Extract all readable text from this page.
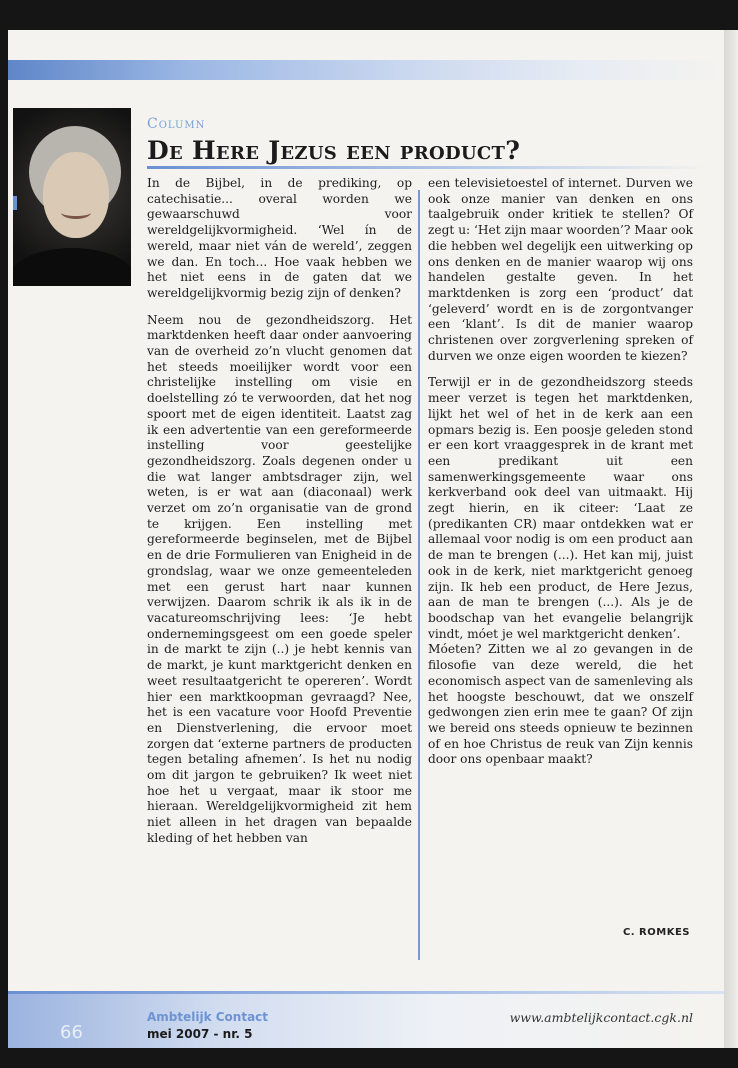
Column
De Here Jezus een product?

In de Bijbel, in de prediking, op catechisatie... overal worden we gewaarschuwd voor wereldgelijkvormigheid. ‘Wel ín de wereld, maar niet ván de wereld’, zeggen we dan. En toch... Hoe vaak hebben we het niet eens in de gaten dat we wereldgelijkvormig bezig zijn of denken?

Neem nou de gezondheidszorg. Het marktdenken heeft daar onder aanvoering van de overheid zo’n vlucht genomen dat het steeds moeilijker wordt voor een christelijke instelling om visie en doelstelling zó te verwoorden, dat het nog spoort met de eigen identiteit. Laatst zag ik een advertentie van een gereformeerde instelling voor geestelijke gezondheidszorg. Zoals degenen onder u die wat langer ambtsdrager zijn, wel weten, is er wat aan (diaconaal) werk verzet om zo’n organisatie van de grond te krijgen. Een instelling met gereformeerde beginselen, met de Bijbel en de drie Formulieren van Enigheid in de grondslag, waar we onze gemeenteleden met een gerust hart naar kunnen verwijzen. Daarom schrik ik als ik in de vacatureomschrijving lees: ‘Je hebt ondernemingsgeest om een goede speler in de markt te zijn (..) je hebt kennis van de markt, je kunt marktgericht denken en weet resultaatgericht te opereren’. Wordt hier een marktkoopman gevraagd? Nee, het is een vacature voor Hoofd Preventie en Dienstverlening, die ervoor moet zorgen dat ‘externe partners de producten tegen betaling afnemen’. Is het nu nodig om dit jargon te gebruiken? Ik weet niet hoe het u vergaat, maar ik stoor me hieraan. Wereldgelijkvormigheid zit hem niet alleen in het dragen van bepaalde kleding of het hebben van

een televisietoestel of internet. Durven we ook onze manier van denken en ons taalgebruik onder kritiek te stellen? Of zegt u: ‘Het zijn maar woorden’? Maar ook die hebben wel degelijk een uitwerking op ons denken en de manier waarop wij ons handelen gestalte geven. In het marktdenken is zorg een ‘product’ dat ‘geleverd’ wordt en is de zorgontvanger een ‘klant’. Is dit de manier waarop christenen over zorgverlening spreken of durven we onze eigen woorden te kiezen?

Terwijl er in de gezondheidszorg steeds meer verzet is tegen het marktdenken, lijkt het wel of het in de kerk aan een opmars bezig is. Een poosje geleden stond er een kort vraaggesprek in de krant met een predikant uit een samenwerkingsgemeente waar ons kerkverband ook deel van uitmaakt. Hij zegt hierin, en ik citeer: ‘Laat ze (predikanten CR) maar ontdekken wat er allemaal voor nodig is om een product aan de man te brengen (...). Het kan mij, juist ook in de kerk, niet marktgericht genoeg zijn. Ik heb een product, de Here Jezus, aan de man te brengen (...). Als je de boodschap van het evangelie belangrijk vindt, móet je wel marktgericht denken’.

Móeten? Zitten we al zo gevangen in de filosofie van deze wereld, die het economisch aspect van de samenleving als het hoogste beschouwt, dat we onszelf gedwongen zien erin mee te gaan? Of zijn we bereid ons steeds opnieuw te bezinnen of en hoe Christus de reuk van Zijn kennis door ons openbaar maakt?

C. ROMKES
66
Ambtelijk Contact
mei 2007 - nr. 5
www.ambtelijkcontact.cgk.nl
